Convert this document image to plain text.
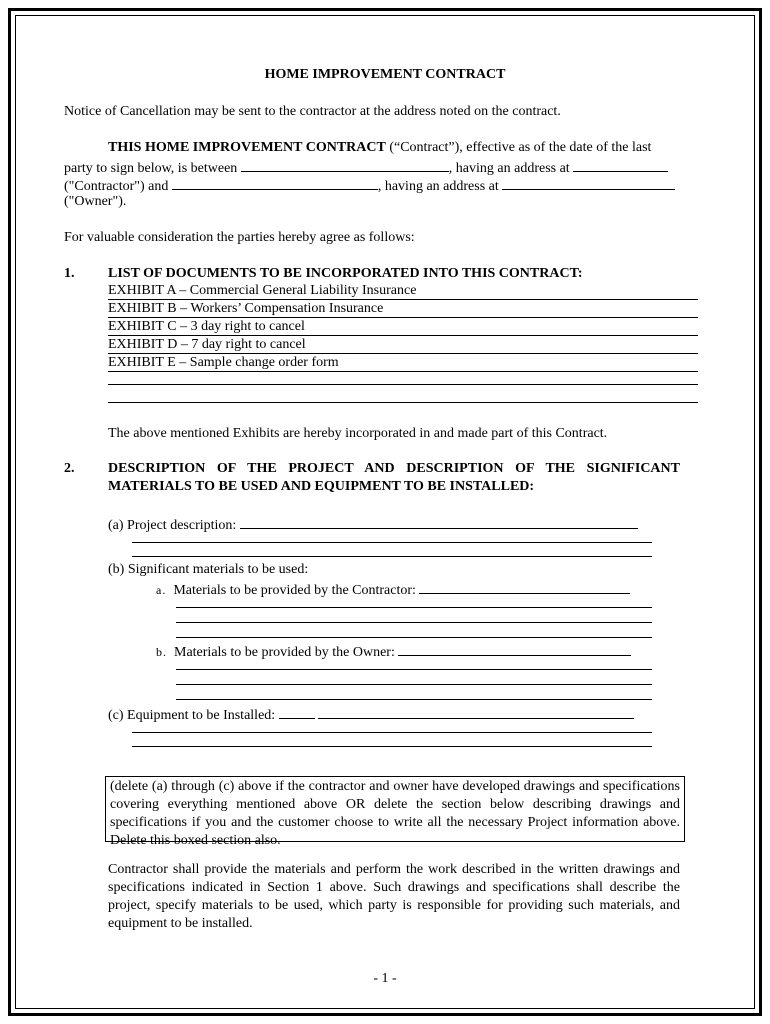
HOME IMPROVEMENT CONTRACT
Notice of Cancellation may be sent to the contractor at the address noted on the contract.
THIS HOME IMPROVEMENT CONTRACT (“Contract”), effective as of the date of the last
party to sign below, is between	, having an address at
("Contractor") and	, having an address at
("Owner").
For valuable consideration the parties hereby agree as follows:
1. LIST OF DOCUMENTS TO BE INCORPORATED INTO THIS CONTRACT:
EXHIBIT A – Commercial General Liability Insurance
EXHIBIT B – Workers’ Compensation Insurance
EXHIBIT C – 3 day right to cancel
EXHIBIT D – 7 day right to cancel
EXHIBIT E – Sample change order form
The above mentioned Exhibits are hereby incorporated in and made part of this Contract.
2. DESCRIPTION OF THE PROJECT AND DESCRIPTION OF THE SIGNIFICANT
MATERIALS TO BE USED AND EQUIPMENT TO BE INSTALLED:
(a) Project description:
(b) Significant materials to be used:
a. Materials to be provided by the Contractor:
b. Materials to be provided by the Owner:
(c) Equipment to be Installed:

(delete (a) through (c) above if the contractor and owner have developed drawings and specifications covering everything mentioned above OR delete the section below describing drawings and specifications if you and the customer choose to write all the necessary Project information above. Delete this boxed section also.

Contractor shall provide the materials and perform the work described in the written drawings and specifications indicated in Section 1 above. Such drawings and specifications shall describe the project, specify materials to be used, which party is responsible for providing such materials, and equipment to be installed.
- 1 -
